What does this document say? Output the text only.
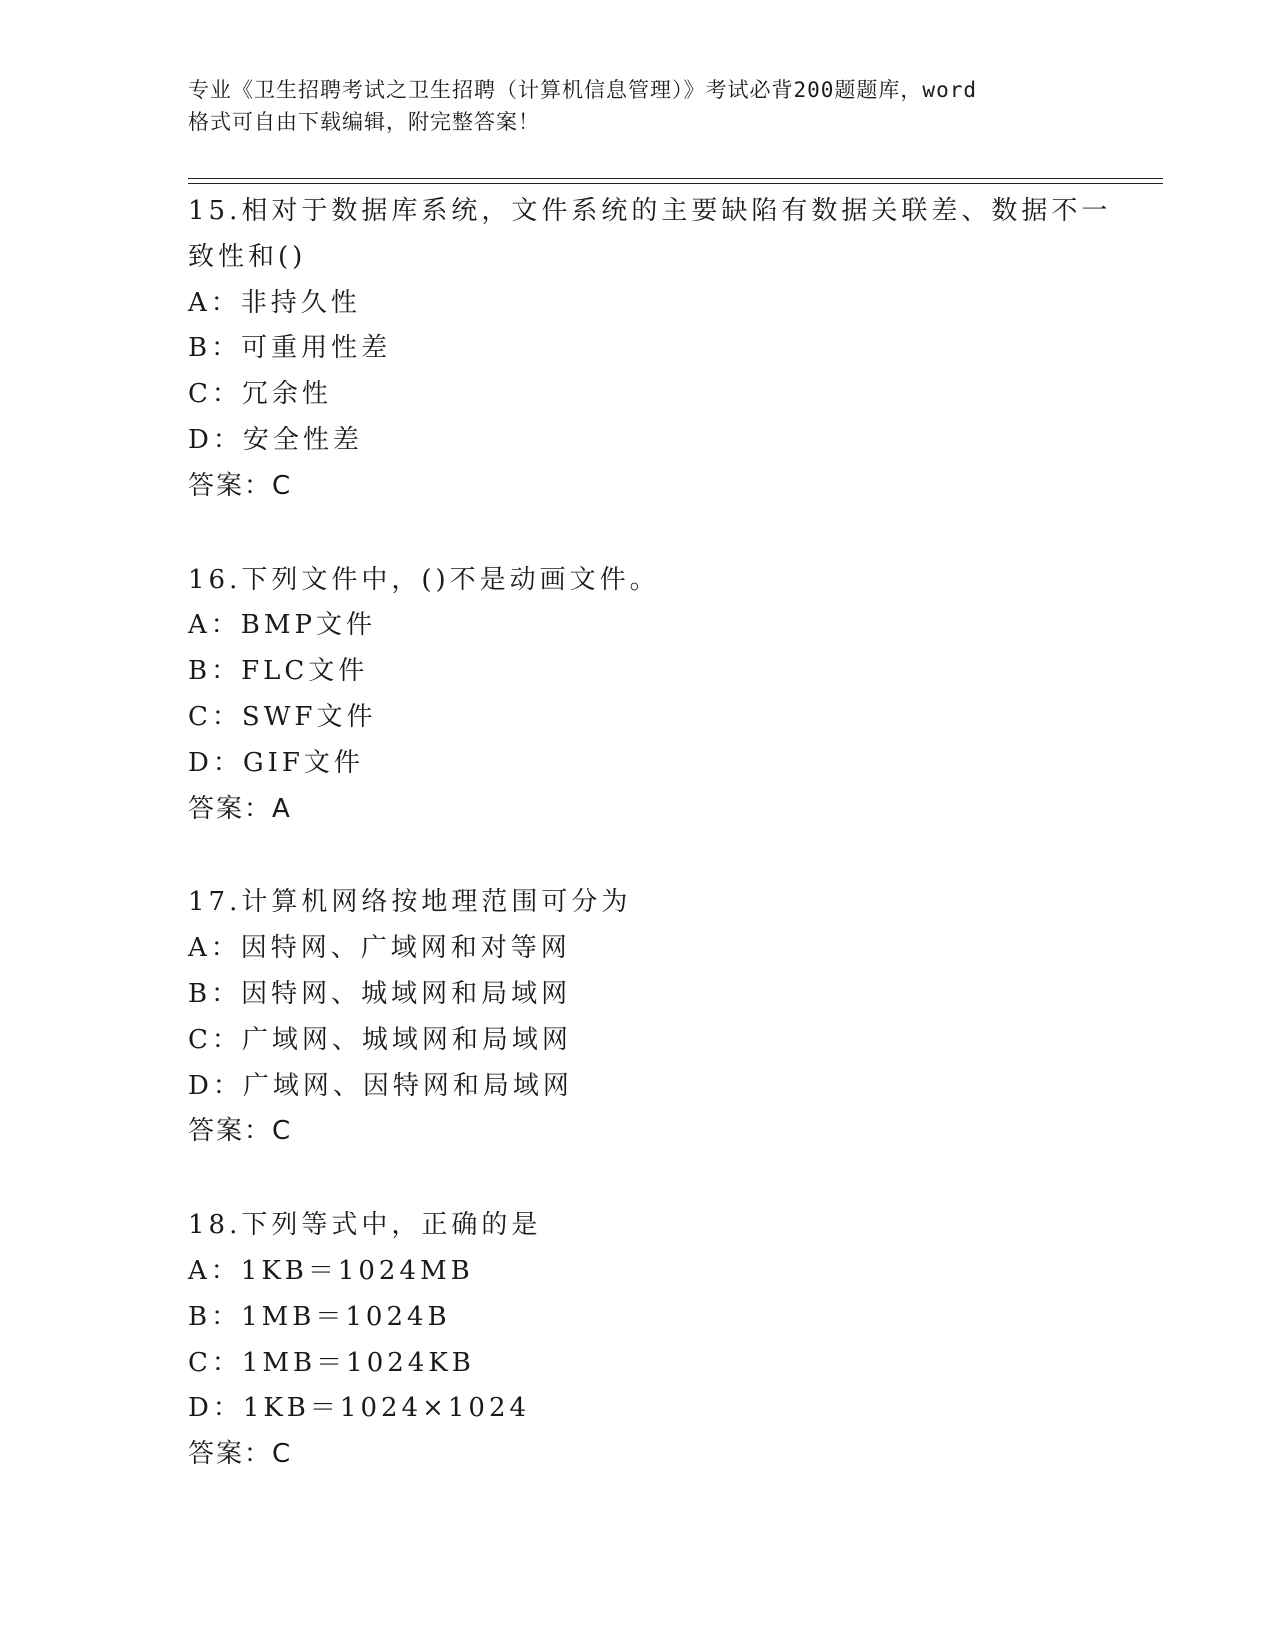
专业《卫生招聘考试之卫生招聘（计算机信息管理）》考试必背200题题库，word
格式可自由下载编辑，附完整答案！
15.相对于数据库系统，文件系统的主要缺陷有数据关联差、数据不一
致性和()
A：非持久性
B：可重用性差
C：冗余性
D：安全性差
答案：C
16.下列文件中，()不是动画文件。
A：BMP文件
B：FLC文件
C：SWF文件
D：GIF文件
答案：A
17.计算机网络按地理范围可分为
A：因特网、广域网和对等网
B：因特网、城域网和局域网
C：广域网、城域网和局域网
D：广域网、因特网和局域网
答案：C
18.下列等式中，正确的是
A：1KB＝1024MB
B：1MB＝1024B
C：1MB＝1024KB
D：1KB＝1024×1024
答案：C
